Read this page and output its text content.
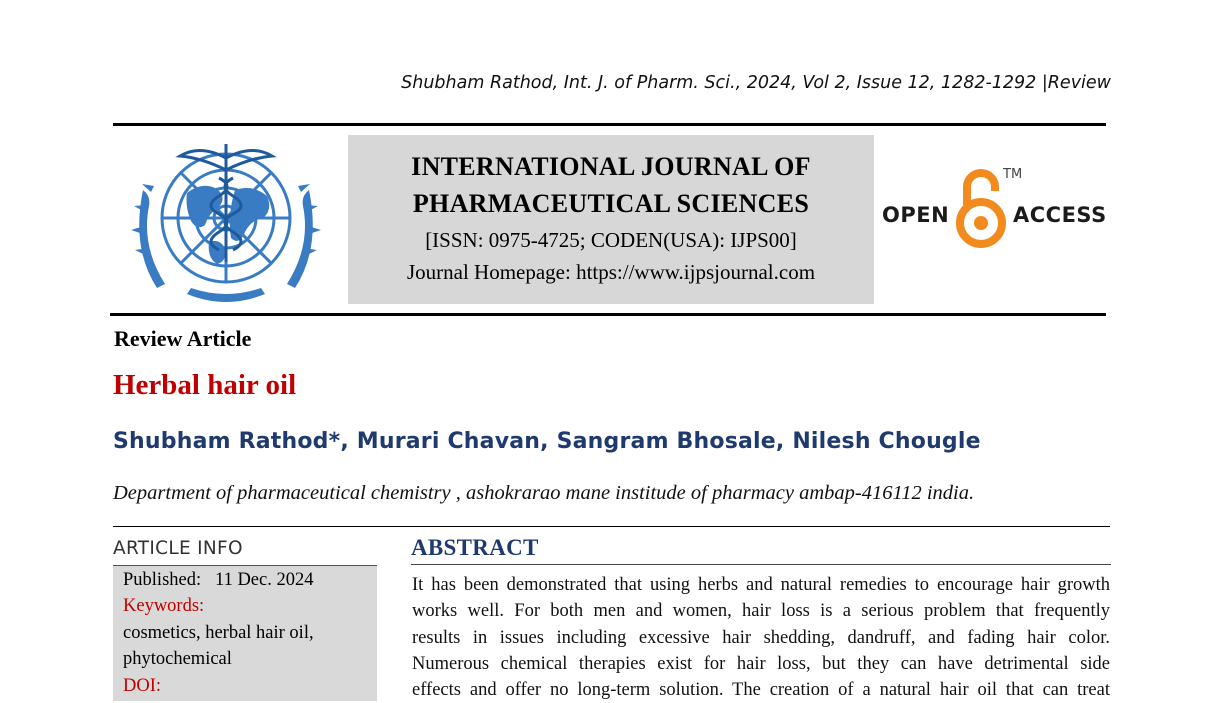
Shubham Rathod, Int. J. of Pharm. Sci., 2024, Vol 2, Issue 12, 1282-1292 |Review
INTERNATIONAL JOURNAL OF
PHARMACEUTICAL SCIENCES
[ISSN: 0975-4725; CODEN(USA): IJPS00]
Journal Homepage: https://www.ijpsjournal.com
OPEN
TM
ACCESS
Review Article
Herbal hair oil
Shubham Rathod*, Murari Chavan, Sangram Bhosale, Nilesh Chougle
Department of pharmaceutical chemistry , ashokrarao mane institude of pharmacy ambap-416112 india.
ARTICLE INFO
Published: 11 Dec. 2024
Keywords:
cosmetics, herbal hair oil,
phytochemical
DOI:
ABSTRACT
It has been demonstrated that using herbs and natural remedies to encourage hair growth
works well. For both men and women, hair loss is a serious problem that frequently
results in issues including excessive hair shedding, dandruff, and fading hair color.
Numerous chemical therapies exist for hair loss, but they can have detrimental side
effects and offer no long-term solution. The creation of a natural hair oil that can treat
